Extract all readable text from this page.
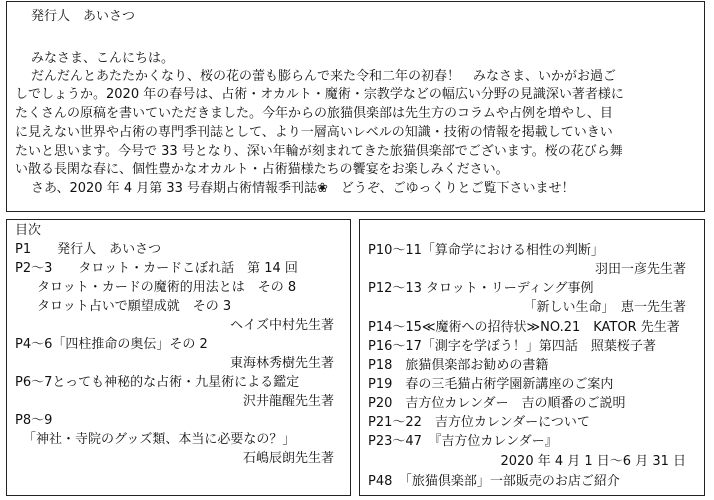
発行人　あいさつ
みなさま、こんにちは。
だんだんとあたたかくなり、桜の花の蕾も膨らんで来た令和二年の初春！　みなさま、いかがお過ご
しでしょうか。2020 年の春号は、占術・オカルト・魔術・宗教学などの幅広い分野の見識深い著者様に
たくさんの原稿を書いていただきました。今年からの旅猫倶楽部は先生方のコラムや占例を増やし、目
に見えない世界や占術の専門季刊誌として、より一層高いレベルの知識・技術の情報を掲載していきい
たいと思います。今号で 33 号となり、深い年輪が刻まれてきた旅猫倶楽部でございます。桜の花びら舞
い散る長閑な春に、個性豊かなオカルト・占術猫様たちの饗宴をお楽しみください。
さあ、2020 年 4 月第 33 号春期占術情報季刊誌❀　どうぞ、ごゆっくりとご覧下さいませ！
目次
P1　　発行人　あいさつ
P2～3　　タロット・カードこぼれ話　第 14 回
タロット・カードの魔術的用法とは　その 8
タロット占いで願望成就　その 3
ヘイズ中村先生著
P4～6「四柱推命の奥伝」その 2
東海林秀樹先生著
P6～7とっても神秘的な占術・九星術による鑑定
沢井龍醒先生著
P8～9
「神社・寺院のグッズ類、本当に必要なの？」
石嶋辰朗先生著
P10～11「算命学における相性の判断」
羽田一彦先生著
P12～13 タロット・リーディング事例
「新しい生命」　恵一先生著
P14～15≪魔術への招待状≫NO.21　KATOR 先生著
P16～17「測字を学ぼう！」第四話　照葉桜子著
P18　旅猫倶楽部お勧めの書籍
P19　春の三毛猫占術学園新講座のご案内
P20　吉方位カレンダー　吉の順番のご説明
P21～22　吉方位カレンダーについて
P23～47　『吉方位カレンダー』
2020 年 4 月 1 日～6 月 31 日
P48　「旅猫倶楽部」一部販売のお店ご紹介
